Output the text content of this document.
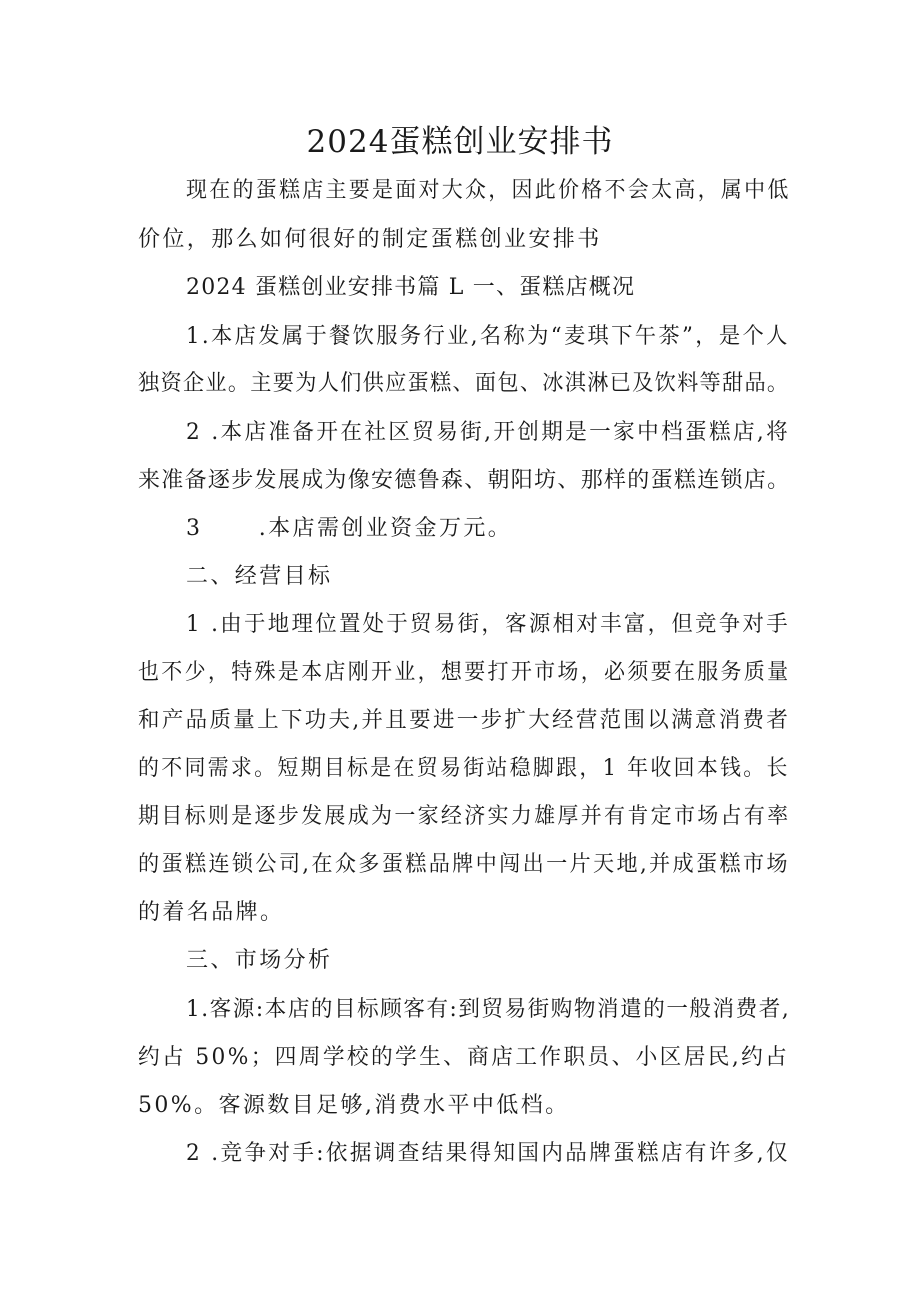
2024蛋糕创业安排书

现在的蛋糕店主要是面对大众，因此价格不会太高，属中低

价位，那么如何很好的制定蛋糕创业安排书

2024 蛋糕创业安排书篇 L 一、蛋糕店概况

1.本店发属于餐饮服务行业,名称为“麦琪下午茶”，是个人

独资企业。主要为人们供应蛋糕、面包、冰淇淋已及饮料等甜品。

2 .本店准备开在社区贸易街,开创期是一家中档蛋糕店,将

来准备逐步发展成为像安德鲁森、朝阳坊、那样的蛋糕连锁店。

3      .本店需创业资金万元。

二、经营目标

1 .由于地理位置处于贸易街，客源相对丰富，但竞争对手

也不少，特殊是本店刚开业，想要打开市场，必须要在服务质量

和产品质量上下功夫,并且要进一步扩大经营范围以满意消费者

的不同需求。短期目标是在贸易街站稳脚跟，1 年收回本钱。长

期目标则是逐步发展成为一家经济实力雄厚并有肯定市场占有率

的蛋糕连锁公司,在众多蛋糕品牌中闯出一片天地,并成蛋糕市场

的着名品牌。

三、市场分析

1.客源:本店的目标顾客有:到贸易街购物消遣的一般消费者,

约占 50%；四周学校的学生、商店工作职员、小区居民,约占

50%。客源数目足够,消费水平中低档。

2 .竞争对手:依据调查结果得知国内品牌蛋糕店有许多,仅
